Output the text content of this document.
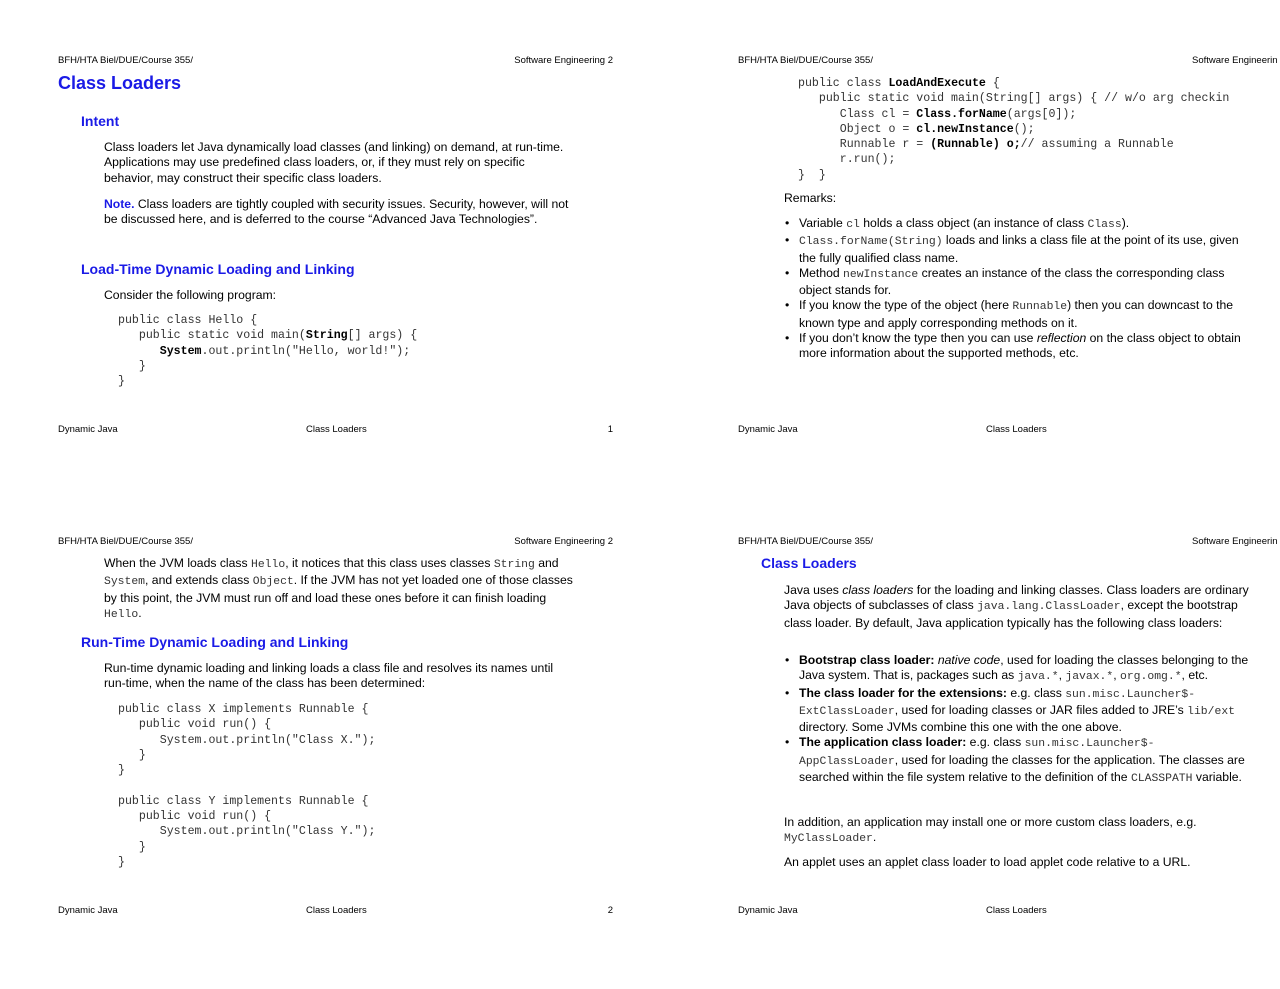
BFH/HTA Biel/DUE/Course 355/	Software Engineering 2
Class Loaders
Intent

Class loaders let Java dynamically load classes (and linking) on demand, at run-time. Applications may use predefined class loaders, or, if they must rely on specific behavior, may construct their specific class loaders.

Note. Class loaders are tightly coupled with security issues. Security, however, will not be discussed here, and is deferred to the course “Advanced Java Technologies”.

Load-Time Dynamic Loading and Linking

Consider the following program:

public class Hello {
public static void main(String[] args) {
System.out.println("Hello, world!");
}
}
Dynamic Java	Class Loaders	1
BFH/HTA Biel/DUE/Course 355/	Software Engineerin
public class LoadAndExecute {
public static void main(String[] args) { // w/o arg checkin
Class cl = Class.forName(args[0]);
Object o = cl.newInstance();
Runnable r = (Runnable) o;// assuming a Runnable
r.run();
}  }

Remarks:

• Variable cl holds a class object (an instance of class Class).
• Class.forName(String) loads and links a class file at the point of its use, given the fully qualified class name.
• Method newInstance creates an instance of the class the corresponding class object stands for.
• If you know the type of the object (here Runnable) then you can downcast to the known type and apply corresponding methods on it.
• If you don’t know the type then you can use reflection on the class object to obtain more information about the supported methods, etc.
Dynamic Java	Class Loaders
BFH/HTA Biel/DUE/Course 355/	Software Engineering 2

When the JVM loads class Hello, it notices that this class uses classes String and System, and extends class Object. If the JVM has not yet loaded one of those classes by this point, the JVM must run off and load these ones before it can finish loading Hello.

Run-Time Dynamic Loading and Linking

Run-time dynamic loading and linking loads a class file and resolves its names until run-time, when the name of the class has been determined:

public class X implements Runnable {
public void run() {
System.out.println("Class X.");
}
}

public class Y implements Runnable {
public void run() {
System.out.println("Class Y.");
}
}
Dynamic Java	Class Loaders	2
BFH/HTA Biel/DUE/Course 355/	Software Engineerin
Class Loaders

Java uses class loaders for the loading and linking classes. Class loaders are ordinary Java objects of subclasses of class java.lang.ClassLoader, except the bootstrap class loader. By default, Java application typically has the following class loaders:

• Bootstrap class loader: native code, used for loading the classes belonging to the Java system. That is, packages such as java.*, javax.*, org.omg.*, etc.
• The class loader for the extensions: e.g. class sun.misc.Launcher$- ExtClassLoader, used for loading classes or JAR files added to JRE’s lib/ext directory. Some JVMs combine this one with the one above.
• The application class loader: e.g. class sun.misc.Launcher$- AppClassLoader, used for loading the classes for the application. The classes are searched within the file system relative to the definition of the CLASSPATH variable.

In addition, an application may install one or more custom class loaders, e.g. MyClassLoader.

An applet uses an applet class loader to load applet code relative to a URL.

Dynamic Java	Class Loaders
